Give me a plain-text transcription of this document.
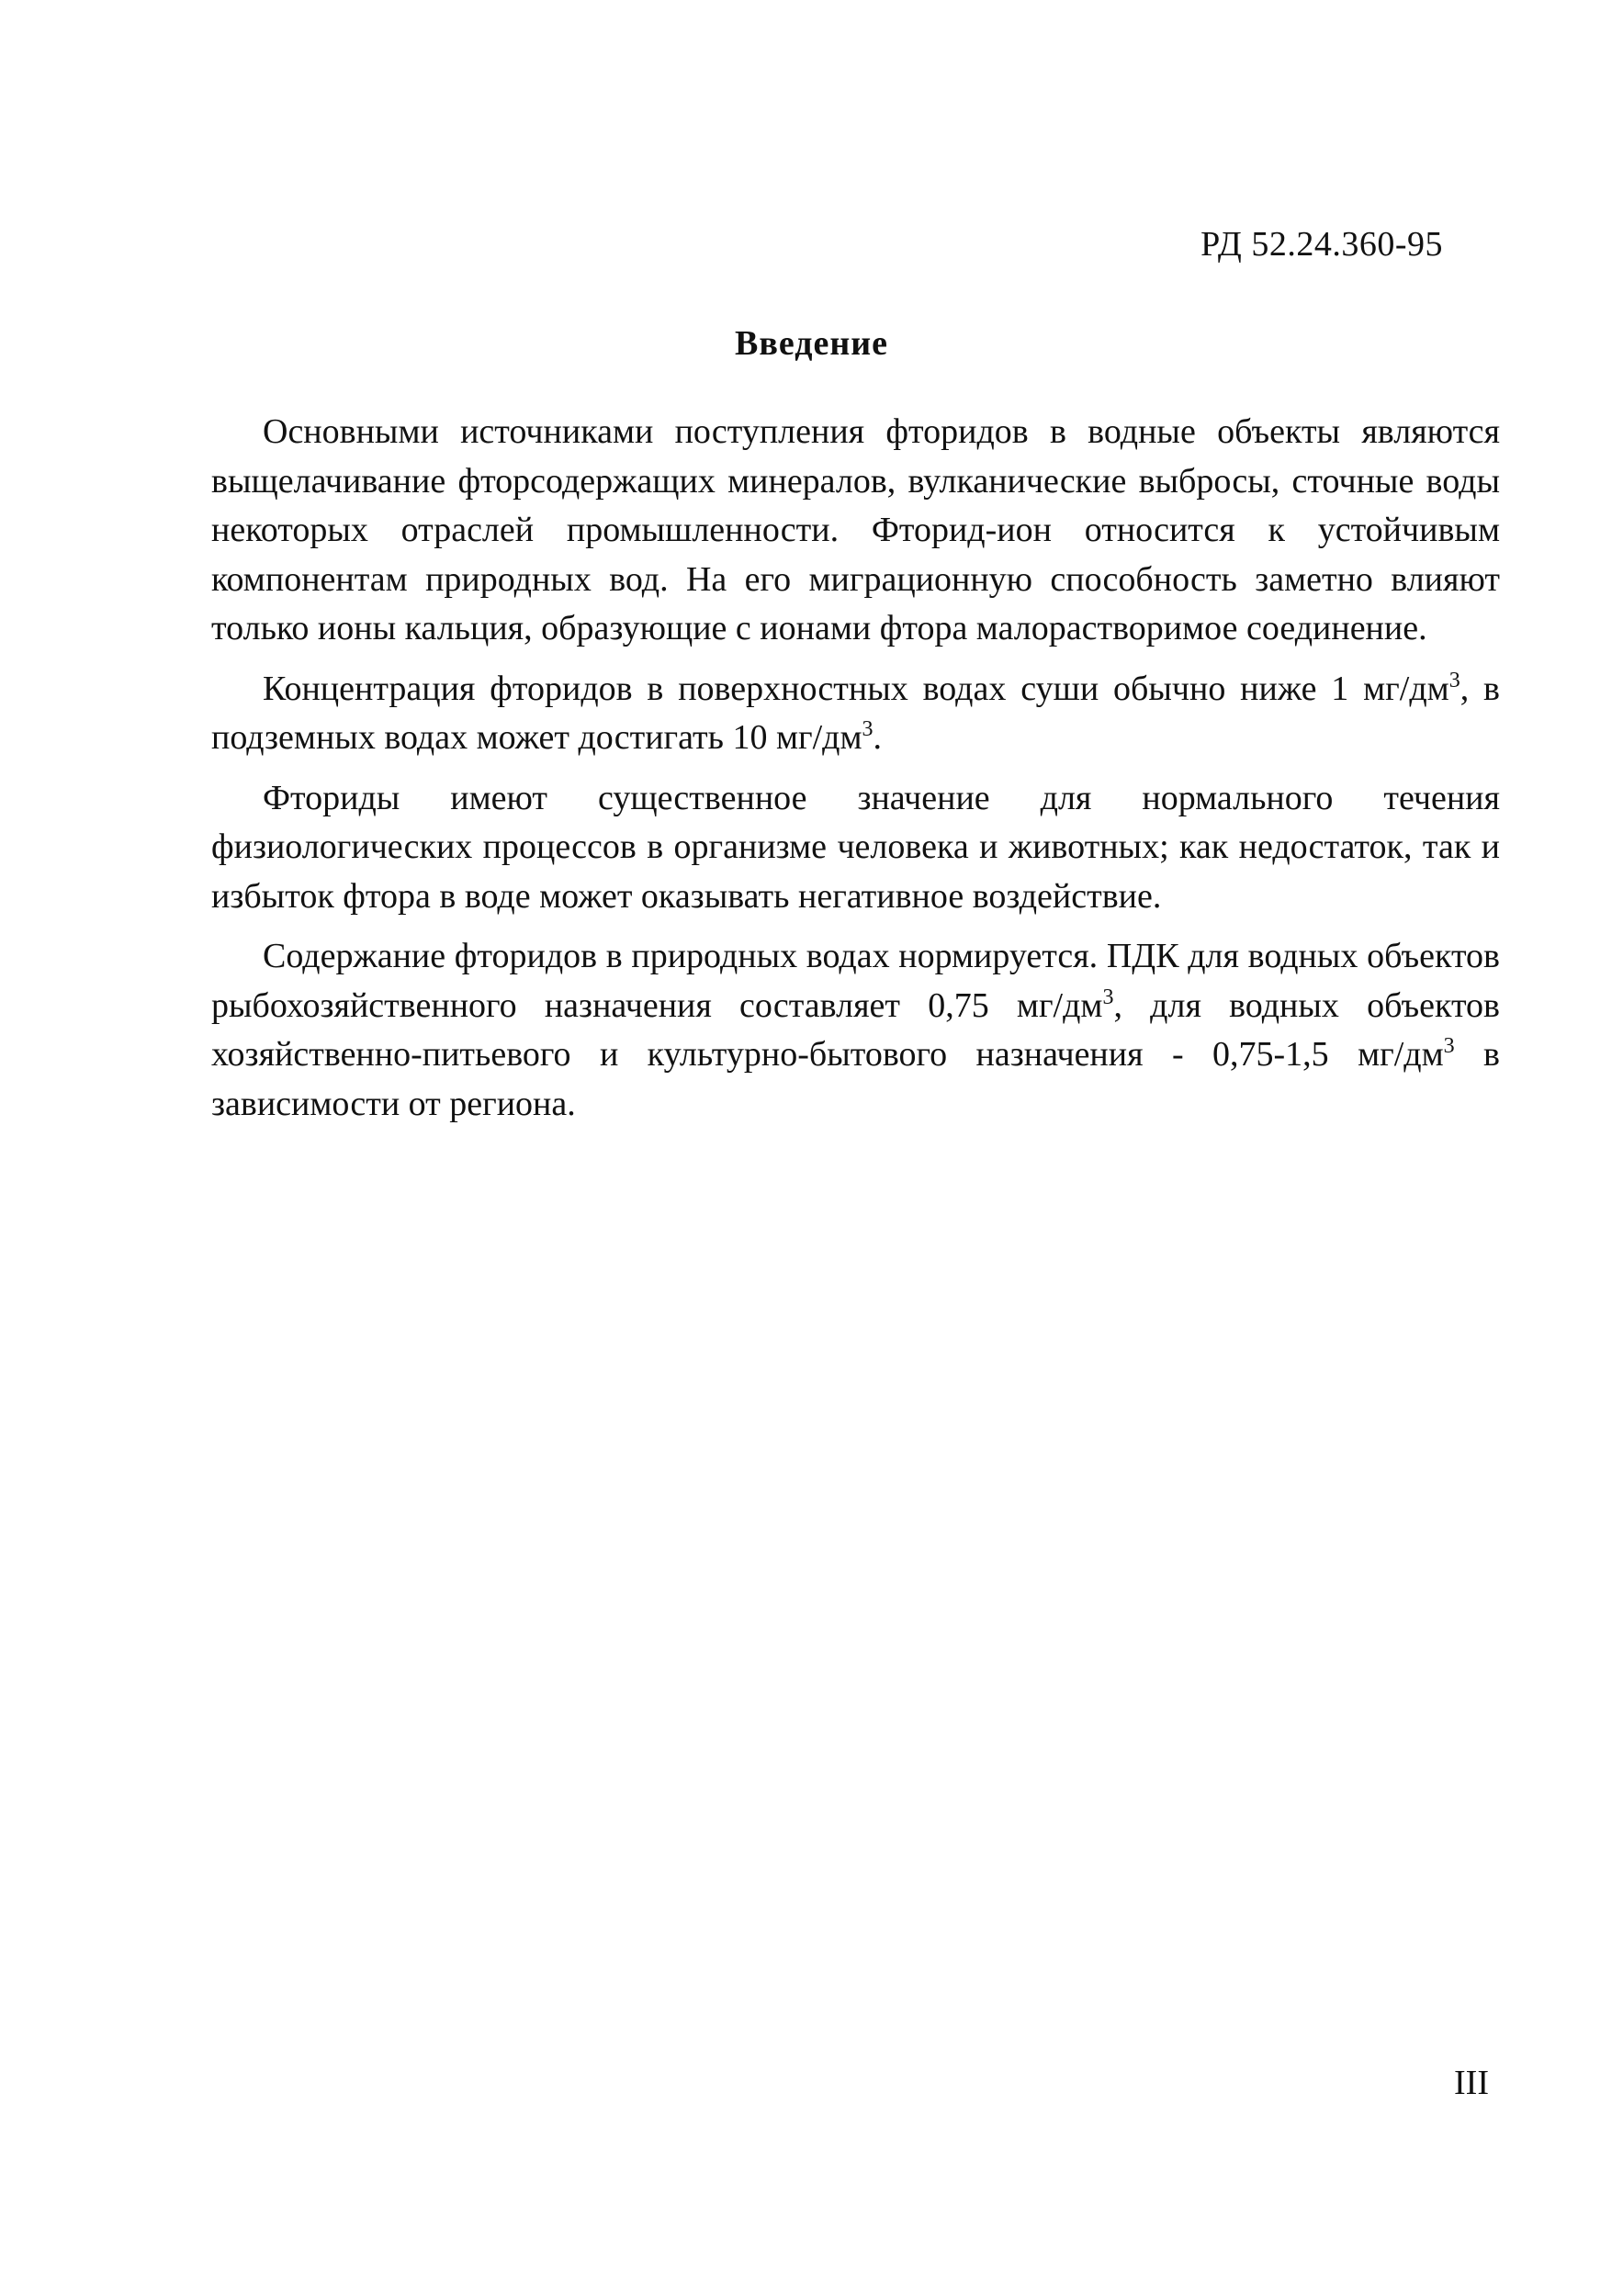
РД 52.24.360-95
Введение

Основными источниками поступления фторидов в водные объекты являются выщелачивание фторсодержащих минералов, вулканические выбросы, сточные воды некоторых отраслей промышленности. Фторид-ион относится к устойчивым компонентам природных вод. На его миграционную способность заметно влияют только ионы кальция, образующие с ионами фтора малорастворимое соединение.

Концентрация фторидов в поверхностных водах суши обычно ниже 1 $мг/дм^3$, в подземных водах может достигать 10 $мг/дм^3$.

Фториды имеют существенное значение для нормального течения физиологических процессов в организме человека и животных; как недостаток, так и избыток фтора в воде может оказывать негативное воздействие.

Содержание фторидов в природных водах нормируется. ПДК для водных объектов рыбохозяйственного назначения составляет 0,75 $мг/дм^3$, для водных объектов хозяйственно-питьевого и культурно-бытового назначения - 0,75-1,5 $мг/дм^3$ в зависимости от региона.

III
